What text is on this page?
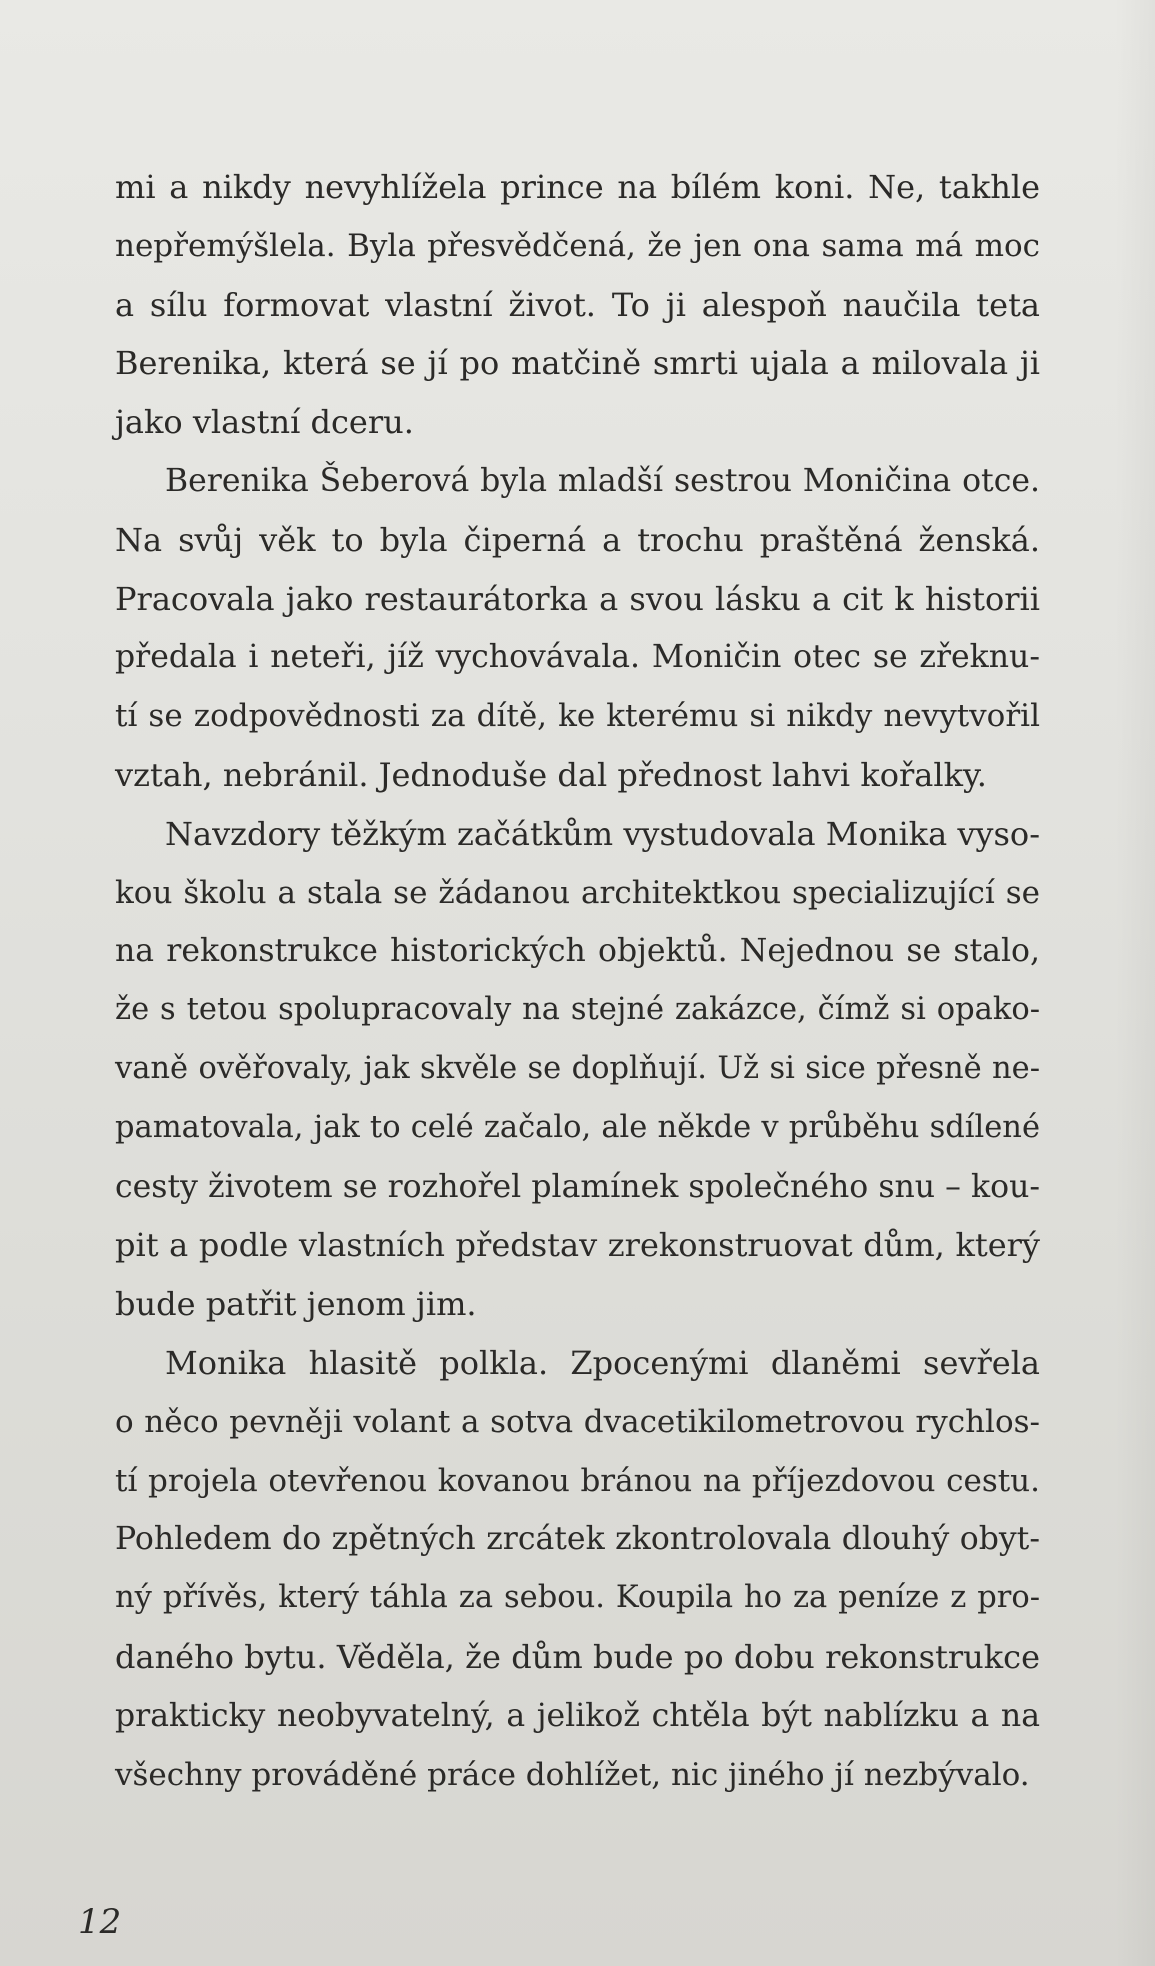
mi a nikdy nevyhlížela prince na bílém koni. Ne, takhle
nepřemýšlela. Byla přesvědčená, že jen ona sama má moc
a sílu formovat vlastní život. To ji alespoň naučila teta
Berenika, která se jí po matčině smrti ujala a milovala ji
jako vlastní dceru.
Berenika Šeberová byla mladší sestrou Moničina otce.
Na svůj věk to byla čiperná a trochu praštěná ženská.
Pracovala jako restaurátorka a svou lásku a cit k historii
předala i neteři, jíž vychovávala. Moničin otec se zřeknu-
tí se zodpovědnosti za dítě, ke kterému si nikdy nevytvořil
vztah, nebránil. Jednoduše dal přednost lahvi kořalky.
Navzdory těžkým začátkům vystudovala Monika vyso-
kou školu a stala se žádanou architektkou specializující se
na rekonstrukce historických objektů. Nejednou se stalo,
že s tetou spolupracovaly na stejné zakázce, čímž si opako-
vaně ověřovaly, jak skvěle se doplňují. Už si sice přesně ne-
pamatovala, jak to celé začalo, ale někde v průběhu sdílené
cesty životem se rozhořel plamínek společného snu – kou-
pit a podle vlastních představ zrekonstruovat dům, který
bude patřit jenom jim.
Monika hlasitě polkla. Zpocenými dlaněmi sevřela
o něco pevněji volant a sotva dvacetikilometrovou rychlos-
tí projela otevřenou kovanou bránou na příjezdovou cestu.
Pohledem do zpětných zrcátek zkontrolovala dlouhý obyt-
ný přívěs, který táhla za sebou. Koupila ho za peníze z pro-
daného bytu. Věděla, že dům bude po dobu rekonstrukce
prakticky neobyvatelný, a jelikož chtěla být nablízku a na
všechny prováděné práce dohlížet, nic jiného jí nezbývalo.
12
